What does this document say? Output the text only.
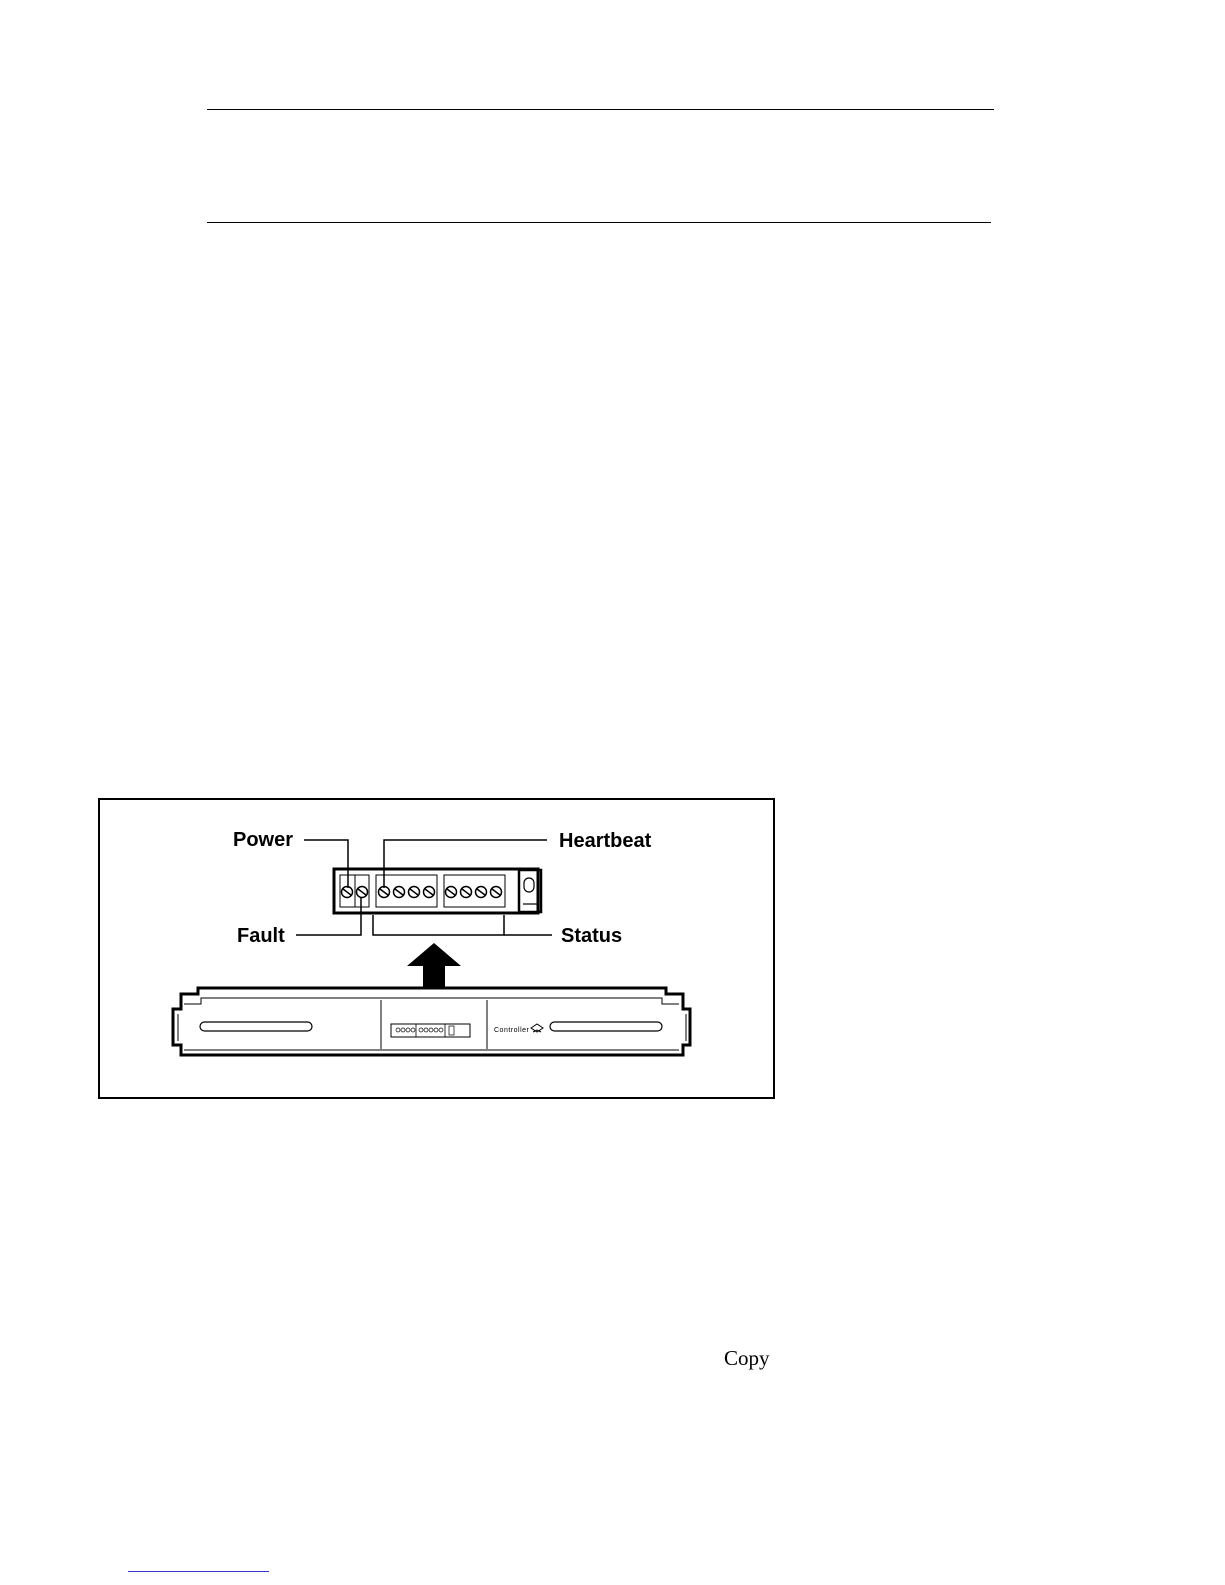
Controller
Power	Heartbeat
Fault	Status
Copy
